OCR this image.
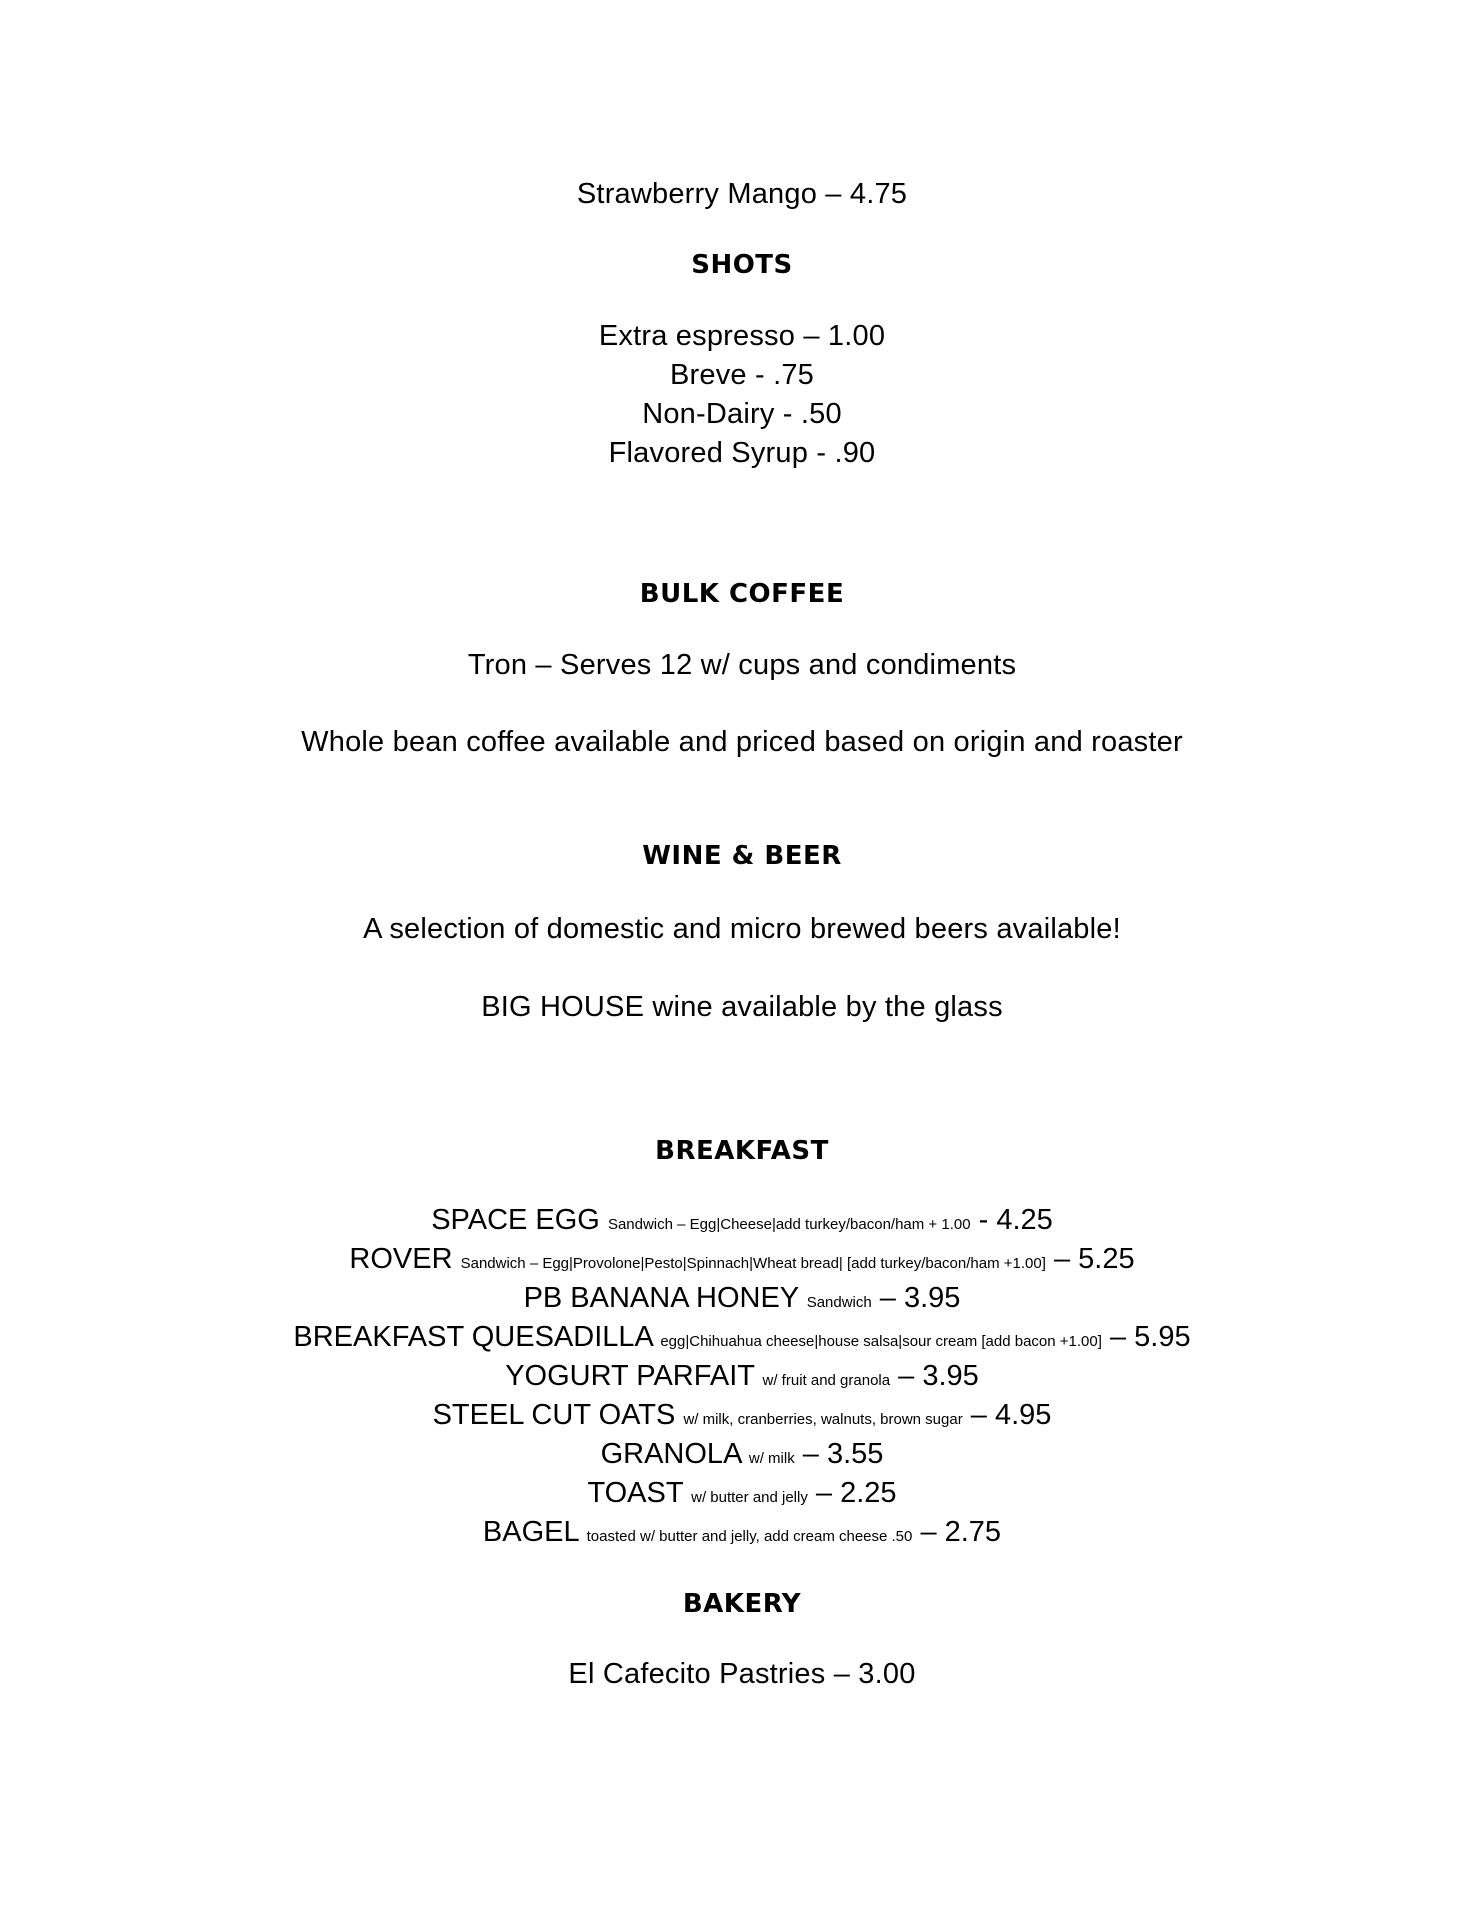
Strawberry Mango – 4.75
SHOTS
Extra espresso – 1.00
Breve - .75
Non-Dairy - .50
Flavored Syrup - .90
BULK COFFEE
Tron – Serves 12 w/ cups and condiments
Whole bean coffee available and priced based on origin and roaster
WINE & BEER
A selection of domestic and micro brewed beers available!
BIG HOUSE wine available by the glass
BREAKFAST
SPACE EGG Sandwich – Egg|Cheese|add turkey/bacon/ham + 1.00 - 4.25
ROVER Sandwich – Egg|Provolone|Pesto|Spinnach|Wheat bread| [add turkey/bacon/ham +1.00] – 5.25
PB BANANA HONEY Sandwich – 3.95
BREAKFAST QUESADILLA egg|Chihuahua cheese|house salsa|sour cream [add bacon +1.00] – 5.95
YOGURT PARFAIT w/ fruit and granola – 3.95
STEEL CUT OATS w/ milk, cranberries, walnuts, brown sugar – 4.95
GRANOLA w/ milk – 3.55
TOAST w/ butter and jelly – 2.25
BAGEL toasted w/ butter and jelly, add cream cheese .50 – 2.75
BAKERY
El Cafecito Pastries – 3.00
